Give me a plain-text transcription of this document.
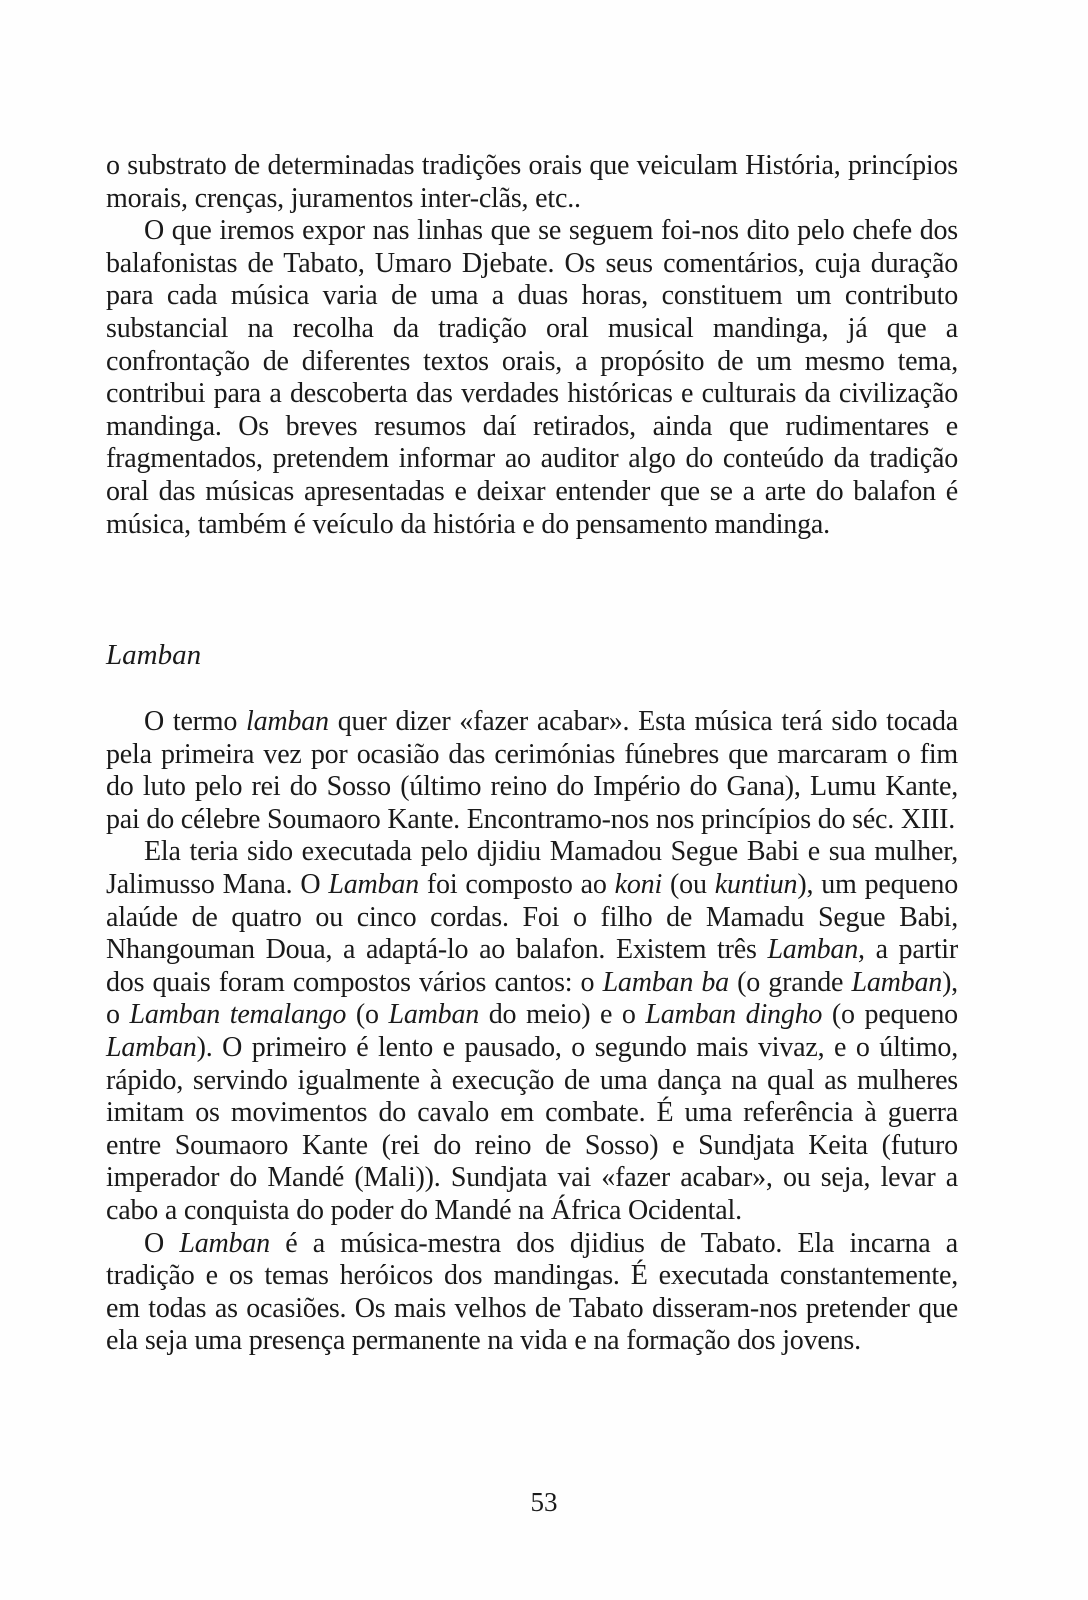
o substrato de determinadas tradições orais que veiculam História, princípios morais, crenças, juramentos inter-clãs, etc..

O que iremos expor nas linhas que se seguem foi-nos dito pelo chefe dos balafonistas de Tabato, Umaro Djebate. Os seus comentários, cuja duração para cada música varia de uma a duas horas, constituem um contributo substancial na recolha da tradição oral musical mandinga, já que a confrontação de diferentes textos orais, a propósito de um mesmo tema, contribui para a descoberta das verdades históricas e culturais da civilização mandinga. Os breves resumos daí retirados, ainda que rudimentares e fragmentados, pretendem informar ao auditor algo do conteúdo da tradição oral das músicas apresentadas e deixar entender que se a arte do balafon é música, também é veículo da história e do pensamento mandinga.

Lamban

O termo lamban quer dizer «fazer acabar». Esta música terá sido tocada pela primeira vez por ocasião das cerimónias fúnebres que marcaram o fim do luto pelo rei do Sosso (último reino do Império do Gana), Lumu Kante, pai do célebre Soumaoro Kante. Encontramo-nos nos princípios do séc. XIII.

Ela teria sido executada pelo djidiu Mamadou Segue Babi e sua mulher, Jalimusso Mana. O Lamban foi composto ao koni (ou kuntiun), um pequeno alaúde de quatro ou cinco cordas. Foi o filho de Mamadu Segue Babi, Nhangouman Doua, a adaptá-lo ao balafon. Existem três Lamban, a partir dos quais foram compostos vários cantos: o Lamban ba (o grande Lamban), o Lamban temalango (o Lamban do meio) e o Lamban dingho (o pequeno Lamban). O primeiro é lento e pausado, o segundo mais vivaz, e o último, rápido, servindo igualmente à execução de uma dança na qual as mulheres imitam os movimentos do cavalo em combate. É uma referência à guerra entre Soumaoro Kante (rei do reino de Sosso) e Sundjata Keita (futuro imperador do Mandé (Mali)). Sundjata vai «fazer acabar», ou seja, levar a cabo a conquista do poder do Mandé na África Ocidental.

O Lamban é a música-mestra dos djidius de Tabato. Ela incarna a tradição e os temas heróicos dos mandingas. É executada constantemente, em todas as ocasiões. Os mais velhos de Tabato disseram-nos pretender que ela seja uma presença permanente na vida e na formação dos jovens.

53
